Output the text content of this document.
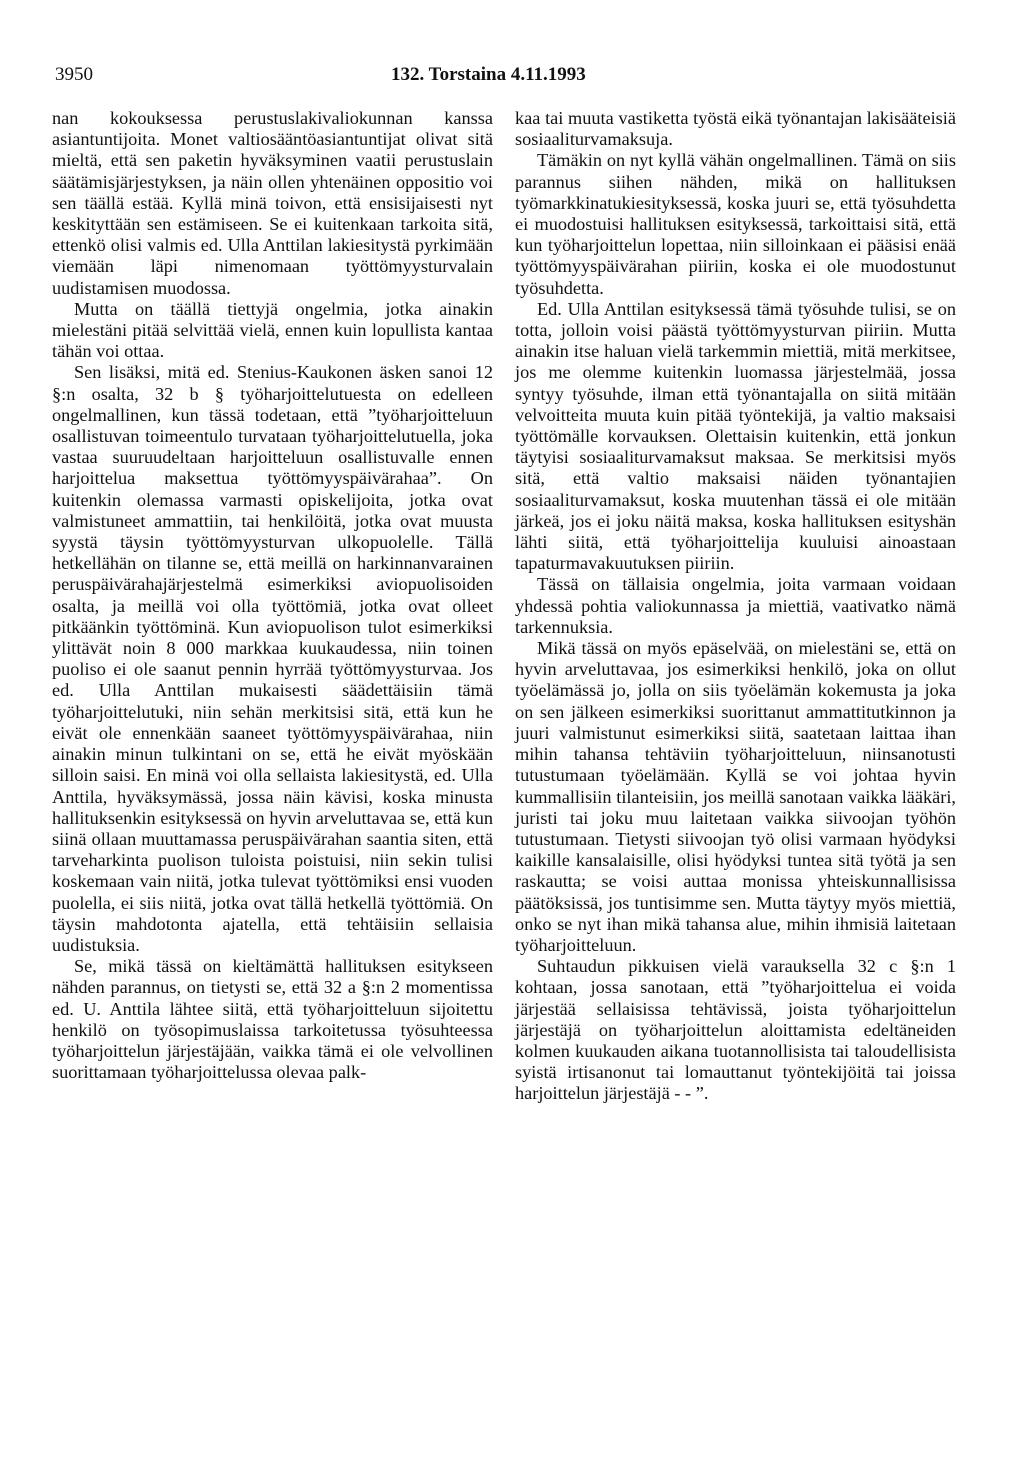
3950	132. Torstaina 4.11.1993

nan kokouksessa perustuslakivaliokunnan kanssa asiantuntijoita. Monet valtiosääntöasiantuntijat olivat sitä mieltä, että sen paketin hyväksyminen vaatii perustuslain säätämisjärjestyksen, ja näin ollen yhtenäinen oppositio voi sen täällä estää. Kyllä minä toivon, että ensisijaisesti nyt keskityttään sen estämiseen. Se ei kuitenkaan tarkoita sitä, ettenkö olisi valmis ed. Ulla Anttilan lakiesitystä pyrkimään viemään läpi nimenomaan työttömyysturvalain uudistamisen muodossa.

Mutta on täällä tiettyjä ongelmia, jotka ainakin mielestäni pitää selvittää vielä, ennen kuin lopullista kantaa tähän voi ottaa.

Sen lisäksi, mitä ed. Stenius-Kaukonen äsken sanoi 12 §:n osalta, 32 b § työharjoittelutuesta on edelleen ongelmallinen, kun tässä todetaan, että ”työharjoitteluun osallistuvan toimeentulo turvataan työharjoittelutuella, joka vastaa suuruudeltaan harjoitteluun osallistuvalle ennen harjoittelua maksettua työttömyyspäivärahaa”. On kuitenkin olemassa varmasti opiskelijoita, jotka ovat valmistuneet ammattiin, tai henkilöitä, jotka ovat muusta syystä täysin työttömyysturvan ulkopuolelle. Tällä hetkellähän on tilanne se, että meillä on harkinnanvarainen peruspäivärahajärjestelmä esimerkiksi aviopuolisoiden osalta, ja meillä voi olla työttömiä, jotka ovat olleet pitkäänkin työttöminä. Kun aviopuolison tulot esimerkiksi ylittävät noin 8 000 markkaa kuukaudessa, niin toinen puoliso ei ole saanut pennin hyrrää työttömyysturvaa. Jos ed. Ulla Anttilan mukaisesti säädettäisiin tämä työharjoittelutuki, niin sehän merkitsisi sitä, että kun he eivät ole ennenkään saaneet työttömyyspäivärahaa, niin ainakin minun tulkintani on se, että he eivät myöskään silloin saisi. En minä voi olla sellaista lakiesitystä, ed. Ulla Anttila, hyväksymässä, jossa näin kävisi, koska minusta hallituksenkin esityksessä on hyvin arveluttavaa se, että kun siinä ollaan muuttamassa peruspäivärahan saantia siten, että tarveharkinta puolison tuloista poistuisi, niin sekin tulisi koskemaan vain niitä, jotka tulevat työttömiksi ensi vuoden puolella, ei siis niitä, jotka ovat tällä hetkellä työttömiä. On täysin mahdotonta ajatella, että tehtäisiin sellaisia uudistuksia.

Se, mikä tässä on kieltämättä hallituksen esitykseen nähden parannus, on tietysti se, että 32 a §:n 2 momentissa ed. U. Anttila lähtee siitä, että työharjoitteluun sijoitettu henkilö on työsopimuslaissa tarkoitetussa työsuhteessa työharjoittelun järjestäjään, vaikka tämä ei ole velvollinen suorittamaan työharjoittelussa olevaa palk-

kaa tai muuta vastiketta työstä eikä työnantajan lakisääteisiä sosiaaliturvamaksuja.

Tämäkin on nyt kyllä vähän ongelmallinen. Tämä on siis parannus siihen nähden, mikä on hallituksen työmarkkinatukiesityksessä, koska juuri se, että työsuhdetta ei muodostuisi hallituksen esityksessä, tarkoittaisi sitä, että kun työharjoittelun lopettaa, niin silloinkaan ei pääsisi enää työttömyyspäivärahan piiriin, koska ei ole muodostunut työsuhdetta.

Ed. Ulla Anttilan esityksessä tämä työsuhde tulisi, se on totta, jolloin voisi päästä työttömyysturvan piiriin. Mutta ainakin itse haluan vielä tarkemmin miettiä, mitä merkitsee, jos me olemme kuitenkin luomassa järjestelmää, jossa syntyy työsuhde, ilman että työnantajalla on siitä mitään velvoitteita muuta kuin pitää työntekijä, ja valtio maksaisi työttömälle korvauksen. Olettaisin kuitenkin, että jonkun täytyisi sosiaaliturvamaksut maksaa. Se merkitsisi myös sitä, että valtio maksaisi näiden työnantajien sosiaaliturvamaksut, koska muutenhan tässä ei ole mitään järkeä, jos ei joku näitä maksa, koska hallituksen esityshän lähti siitä, että työharjoittelija kuuluisi ainoastaan tapaturmavakuutuksen piiriin.

Tässä on tällaisia ongelmia, joita varmaan voidaan yhdessä pohtia valiokunnassa ja miettiä, vaativatko nämä tarkennuksia.

Mikä tässä on myös epäselvää, on mielestäni se, että on hyvin arveluttavaa, jos esimerkiksi henkilö, joka on ollut työelämässä jo, jolla on siis työelämän kokemusta ja joka on sen jälkeen esimerkiksi suorittanut ammattitutkinnon ja juuri valmistunut esimerkiksi siitä, saatetaan laittaa ihan mihin tahansa tehtäviin työharjoitteluun, niinsanotusti tutustumaan työelämään. Kyllä se voi johtaa hyvin kummallisiin tilanteisiin, jos meillä sanotaan vaikka lääkäri, juristi tai joku muu laitetaan vaikka siivoojan työhön tutustumaan. Tietysti siivoojan työ olisi varmaan hyödyksi kaikille kansalaisille, olisi hyödyksi tuntea sitä työtä ja sen raskautta; se voisi auttaa monissa yhteiskunnallisissa päätöksissä, jos tuntisimme sen. Mutta täytyy myös miettiä, onko se nyt ihan mikä tahansa alue, mihin ihmisiä laitetaan työharjoitteluun.

Suhtaudun pikkuisen vielä varauksella 32 c §:n 1 kohtaan, jossa sanotaan, että ”työharjoittelua ei voida järjestää sellaisissa tehtävissä, joista työharjoittelun järjestäjä on työharjoittelun aloittamista edeltäneiden kolmen kuukauden aikana tuotannollisista tai taloudellisista syistä irtisanonut tai lomauttanut työntekijöitä tai joissa harjoittelun järjestäjä - - ”.
